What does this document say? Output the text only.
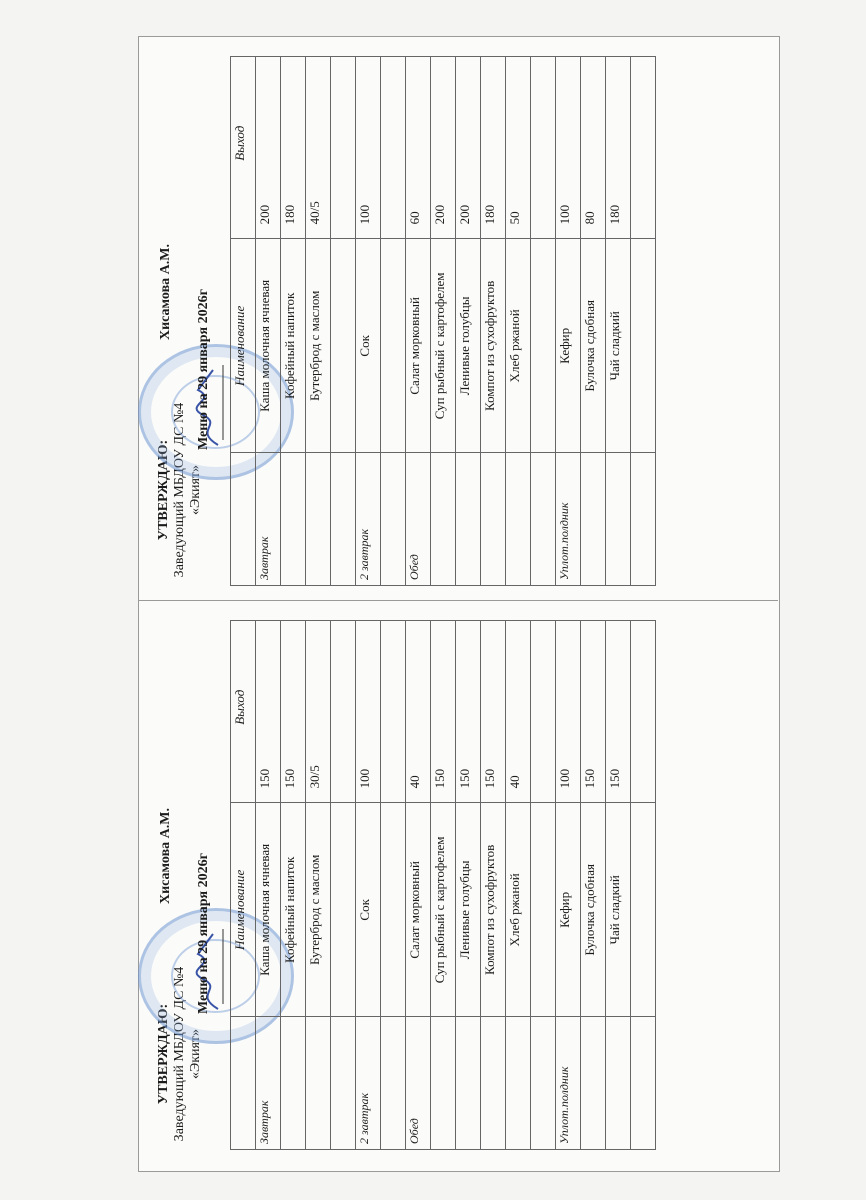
УТВЕРЖДАЮ: Заведующий МБДОУ ДС №4 «Экият»
Хисамова А.М. Меню на 29 января 2026г
	Наименование	Выход
Завтрак	Каша молочная ячневая	200
	Кофейный напиток	180
	Бутерброд с маслом	40/5

2 завтрак	Сок	100

Обед	Салат морковный	60
	Суп рыбный с картофелем	200
	Ленивые голубцы	200
	Компот из сухофруктов	180
	Хлеб ржаной	50

Уплот.полдник	Кефир	100
	Булочка сдобная	80
	Чай сладкий	180

УТВЕРЖДАЮ: Заведующий МБДОУ ДС №4 «Экият»
Хисамова А.М. Меню на 29 января 2026г
	Наименование	Выход
Завтрак	Каша молочная ячневая	150
	Кофейный напиток	150
	Бутерброд с маслом	30/5

2 завтрак	Сок	100

Обед	Салат морковный	40
	Суп рыбный с картофелем	150
	Ленивые голубцы	150
	Компот из сухофруктов	150
	Хлеб ржаной	40

Уплот.полдник	Кефир	100
	Булочка сдобная	150
	Чай сладкий	150
